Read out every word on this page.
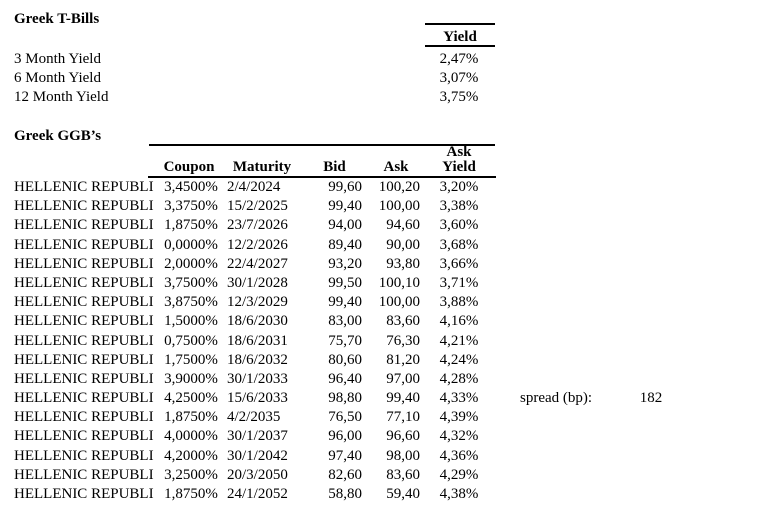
Greek T-Bills
Yield
3 Month Yield	2,47%
6 Month Yield	3,07%
12 Month Yield	3,75%
Greek GGB’s
Coupon	Maturity	Bid	Ask
Ask
Yield
HELLENIC REPUBLI 3,4500% 2/4/2024	99,60	100,20	3,20%
HELLENIC REPUBLI 3,3750% 15/2/2025	99,40	100,00	3,38%
HELLENIC REPUBLI 1,8750% 23/7/2026	94,00	94,60	3,60%
HELLENIC REPUBLI 0,0000% 12/2/2026	89,40	90,00	3,68%
HELLENIC REPUBLI 2,0000% 22/4/2027	93,20	93,80	3,66%
HELLENIC REPUBLI 3,7500% 30/1/2028	99,50	100,10	3,71%
HELLENIC REPUBLI 3,8750% 12/3/2029	99,40	100,00	3,88%
HELLENIC REPUBLI 1,5000% 18/6/2030	83,00	83,60	4,16%
HELLENIC REPUBLI 0,7500% 18/6/2031	75,70	76,30	4,21%
HELLENIC REPUBLI 1,7500% 18/6/2032	80,60	81,20	4,24%
HELLENIC REPUBLI 3,9000% 30/1/2033	96,40	97,00	4,28%
HELLENIC REPUBLI 4,2500% 15/6/2033	98,80	99,40	4,33%
HELLENIC REPUBLI 1,8750% 4/2/2035	76,50	77,10	4,39%
HELLENIC REPUBLI 4,0000% 30/1/2037	96,00	96,60	4,32%
HELLENIC REPUBLI 4,2000% 30/1/2042	97,40	98,00	4,36%
HELLENIC REPUBLI 3,2500% 20/3/2050	82,60	83,60	4,29%
HELLENIC REPUBLI 1,8750% 24/1/2052	58,80	59,40	4,38%
spread (bp):	182
